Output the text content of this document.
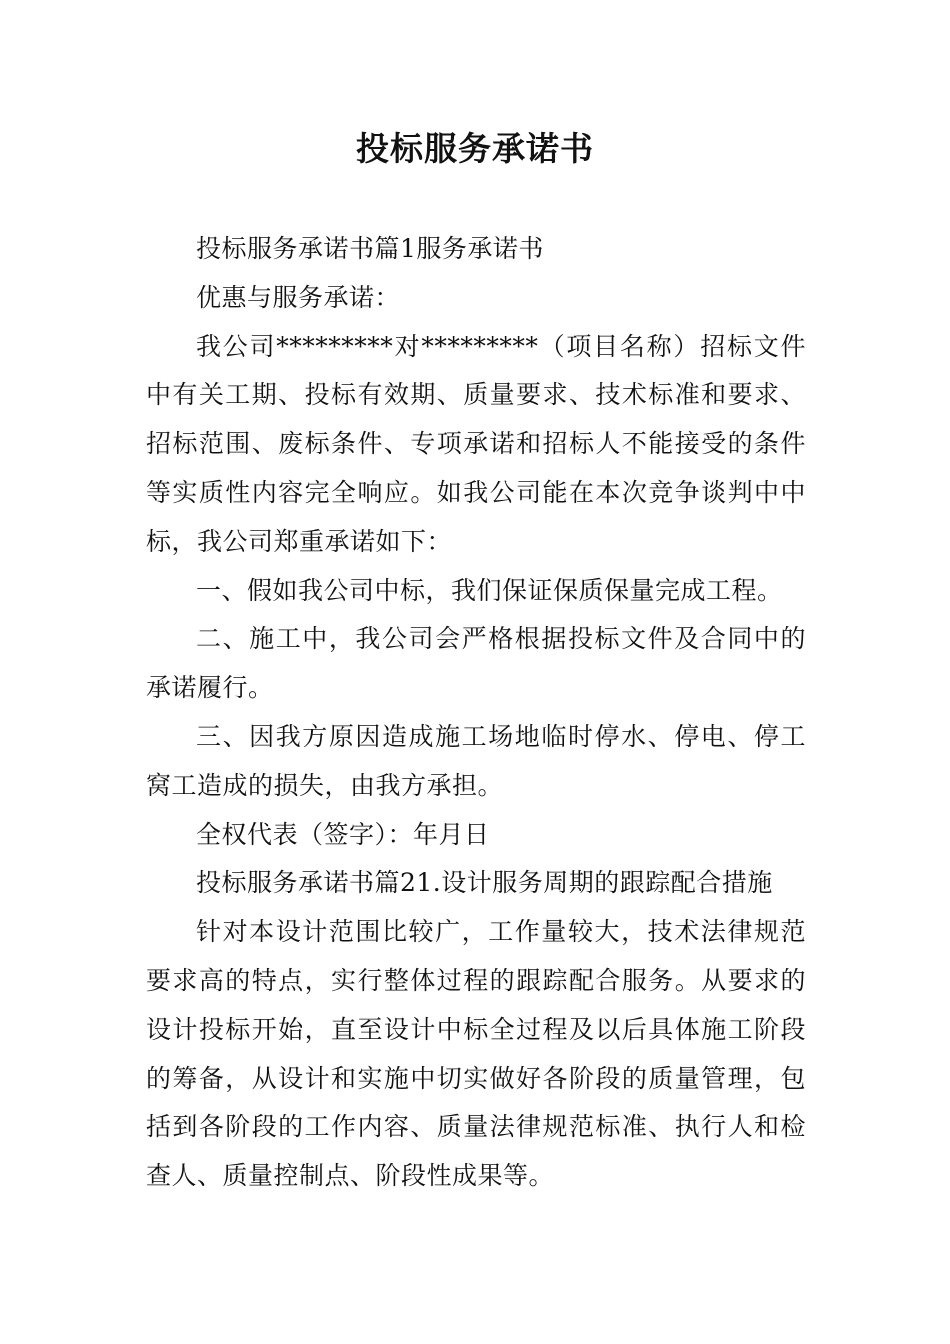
投标服务承诺书

投标服务承诺书篇1服务承诺书

优惠与服务承诺：

我公司*********对*********（项目名称）招标文件中有关工期、投标有效期、质量要求、技术标准和要求、招标范围、废标条件、专项承诺和招标人不能接受的条件等实质性内容完全响应。如我公司能在本次竞争谈判中中标，我公司郑重承诺如下：

一、假如我公司中标，我们保证保质保量完成工程。

二、施工中，我公司会严格根据投标文件及合同中的承诺履行。

三、因我方原因造成施工场地临时停水、停电、停工窝工造成的损失，由我方承担。

全权代表（签字）：年月日

投标服务承诺书篇21.设计服务周期的跟踪配合措施

针对本设计范围比较广，工作量较大，技术法律规范要求高的特点，实行整体过程的跟踪配合服务。从要求的设计投标开始，直至设计中标全过程及以后具体施工阶段的筹备，从设计和实施中切实做好各阶段的质量管理，包括到各阶段的工作内容、质量法律规范标准、执行人和检查人、质量控制点、阶段性成果等。
